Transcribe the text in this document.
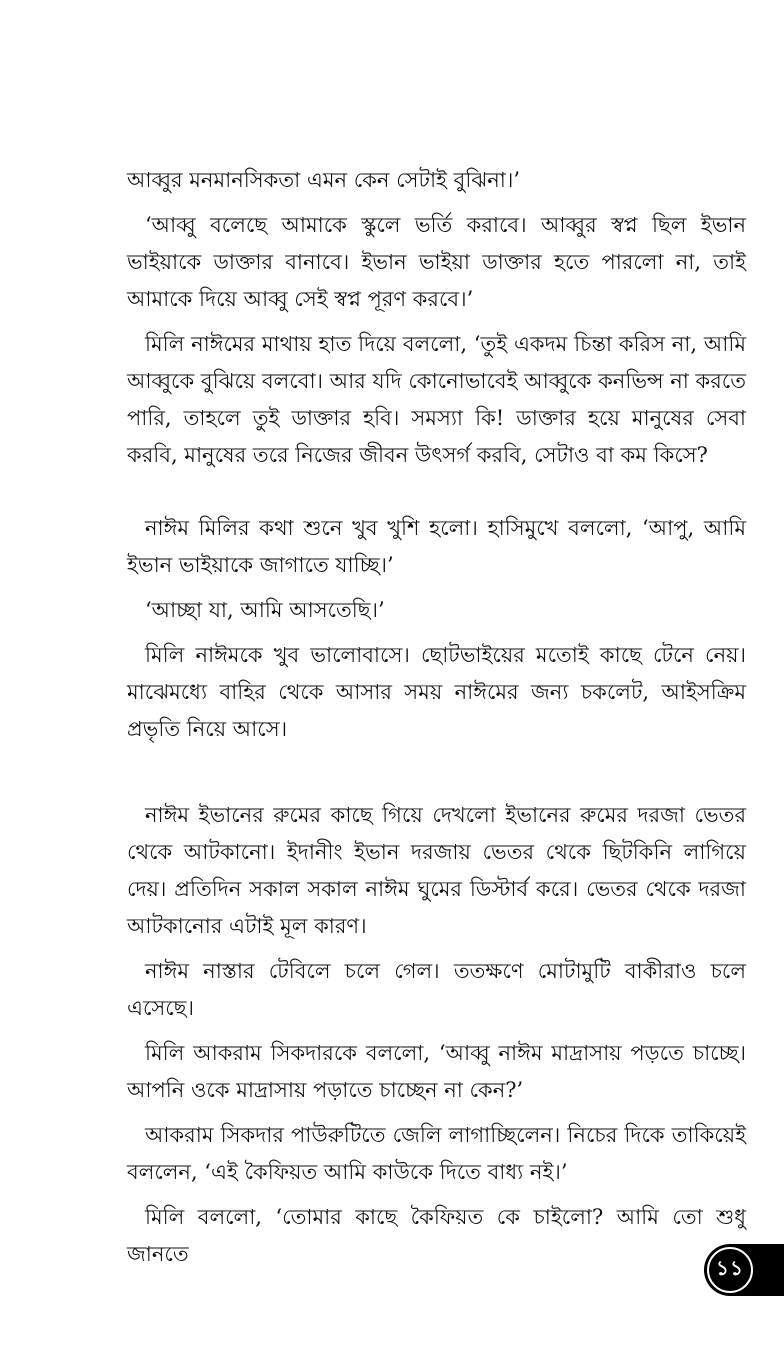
আব্বুর মনমানসিকতা এমন কেন সেটাই বুঝিনা।’

‘আব্বু বলেছে আমাকে স্কুলে ভর্তি করাবে। আব্বুর স্বপ্ন ছিল ইভান ভাইয়াকে ডাক্তার বানাবে। ইভান ভাইয়া ডাক্তার হতে পারলো না, তাই আমাকে দিয়ে আব্বু সেই স্বপ্ন পূরণ করবে।’

মিলি নাঈমের মাথায় হাত দিয়ে বললো, ‘তুই একদম চিন্তা করিস না, আমি আব্বুকে বুঝিয়ে বলবো। আর যদি কোনোভাবেই আব্বুকে কনভিন্স না করতে পারি, তাহলে তুই ডাক্তার হবি। সমস্যা কি! ডাক্তার হয়ে মানুষের সেবা করবি, মানুষের তরে নিজের জীবন উৎসর্গ করবি, সেটাও বা কম কিসে?

নাঈম মিলির কথা শুনে খুব খুশি হলো। হাসিমুখে বললো, ‘আপু, আমি ইভান ভাইয়াকে জাগাতে যাচ্ছি।’

‘আচ্ছা যা, আমি আসতেছি।’

মিলি নাঈমকে খুব ভালোবাসে। ছোটভাইয়ের মতোই কাছে টেনে নেয়। মাঝেমধ্যে বাহির থেকে আসার সময় নাঈমের জন্য চকলেট, আইসক্রিম প্রভৃতি নিয়ে আসে।

নাঈম ইভানের রুমের কাছে গিয়ে দেখলো ইভানের রুমের দরজা ভেতর থেকে আটকানো। ইদানীং ইভান দরজায় ভেতর থেকে ছিটকিনি লাগিয়ে দেয়। প্রতিদিন সকাল সকাল নাঈম ঘুমের ডিস্টার্ব করে। ভেতর থেকে দরজা আটকানোর এটাই মূল কারণ।

নাঈম নাস্তার টেবিলে চলে গেল। ততক্ষণে মোটামুটি বাকীরাও চলে এসেছে।

মিলি আকরাম সিকদারকে বললো, ‘আব্বু নাঈম মাদ্রাসায় পড়তে চাচ্ছে। আপনি ওকে মাদ্রাসায় পড়াতে চাচ্ছেন না কেন?’

আকরাম সিকদার পাউরুটিতে জেলি লাগাচ্ছিলেন। নিচের দিকে তাকিয়েই বললেন, ‘এই কৈফিয়ত আমি কাউকে দিতে বাধ্য নই।’

মিলি বললো, ‘তোমার কাছে কৈফিয়ত কে চাইলো? আমি তো শুধু জানতে

১১
